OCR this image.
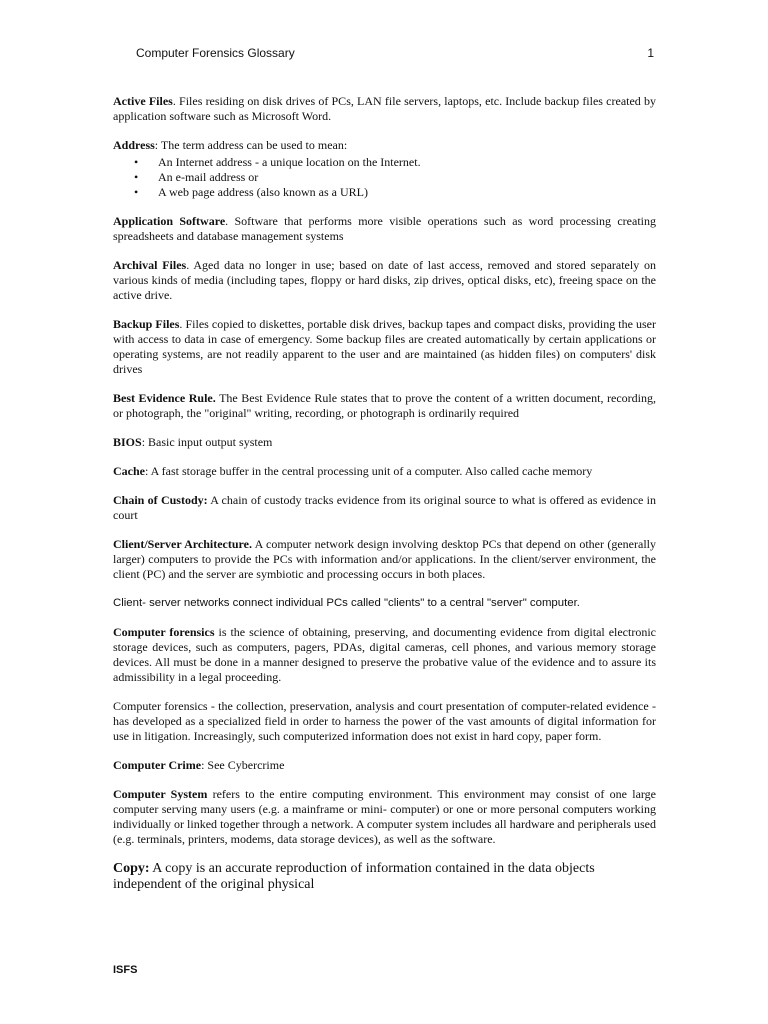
Computer Forensics Glossary	1

Active Files. Files residing on disk drives of PCs, LAN file servers, laptops, etc. Include backup files created by application software such as Microsoft Word.

Address: The term address can be used to mean:
• An Internet address - a unique location on the Internet.
• An e-mail address or
• A web page address (also known as a URL)

Application Software. Software that performs more visible operations such as word processing creating spreadsheets and database management systems

Archival Files. Aged data no longer in use; based on date of last access, removed and stored separately on various kinds of media (including tapes, floppy or hard disks, zip drives, optical disks, etc), freeing space on the active drive.

Backup Files. Files copied to diskettes, portable disk drives, backup tapes and compact disks, providing the user with access to data in case of emergency. Some backup files are created automatically by certain applications or operating systems, are not readily apparent to the user and are maintained (as hidden files) on computers' disk drives

Best Evidence Rule. The Best Evidence Rule states that to prove the content of a written document, recording, or photograph, the "original" writing, recording, or photograph is ordinarily required

BIOS: Basic input output system

Cache: A fast storage buffer in the central processing unit of a computer. Also called cache memory

Chain of Custody: A chain of custody tracks evidence from its original source to what is offered as evidence in court

Client/Server Architecture. A computer network design involving desktop PCs that depend on other (generally larger) computers to provide the PCs with information and/or applications. In the client/server environment, the client (PC) and the server are symbiotic and processing occurs in both places.

Client- server networks connect individual PCs called "clients" to a central "server" computer.

Computer forensics is the science of obtaining, preserving, and documenting evidence from digital electronic storage devices, such as computers, pagers, PDAs, digital cameras, cell phones, and various memory storage devices. All must be done in a manner designed to preserve the probative value of the evidence and to assure its admissibility in a legal proceeding.

Computer forensics - the collection, preservation, analysis and court presentation of computer-related evidence - has developed as a specialized field in order to harness the power of the vast amounts of digital information for use in litigation. Increasingly, such computerized information does not exist in hard copy, paper form.

Computer Crime: See Cybercrime

Computer System refers to the entire computing environment. This environment may consist of one large computer serving many users (e.g. a mainframe or mini- computer) or one or more personal computers working individually or linked together through a network. A computer system includes all hardware and peripherals used (e.g. terminals, printers, modems, data storage devices), as well as the software.

Copy: A copy is an accurate reproduction of information contained in the data objects independent of the original physical

ISFS
